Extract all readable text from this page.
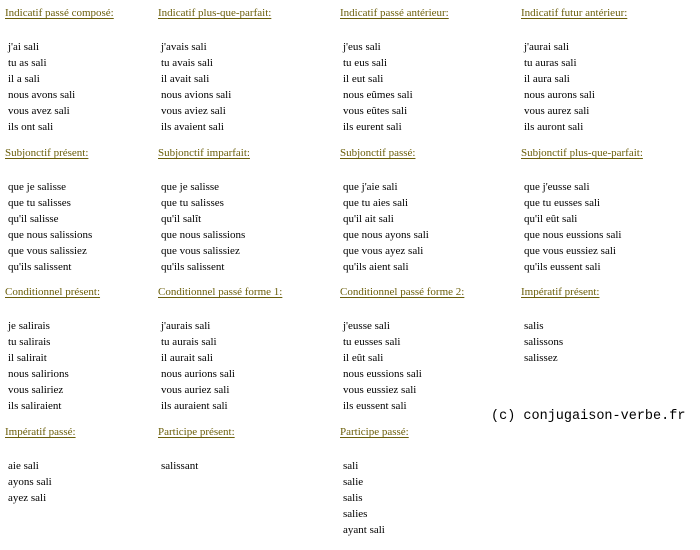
Indicatif passé composé:
j'ai sali
tu as sali
il a sali
nous avons sali
vous avez sali
ils ont sali
Indicatif plus-que-parfait:
j'avais sali
tu avais sali
il avait sali
nous avions sali
vous aviez sali
ils avaient sali
Indicatif passé antérieur:
j'eus sali
tu eus sali
il eut sali
nous eûmes sali
vous eûtes sali
ils eurent sali
Indicatif futur antérieur:
j'aurai sali
tu auras sali
il aura sali
nous aurons sali
vous aurez sali
ils auront sali
Subjonctif présent:
que je salisse
que tu salisses
qu'il salisse
que nous salissions
que vous salissiez
qu'ils salissent
Subjonctif imparfait:
que je salisse
que tu salisses
qu'il salît
que nous salissions
que vous salissiez
qu'ils salissent
Subjonctif passé:
que j'aie sali
que tu aies sali
qu'il ait sali
que nous ayons sali
que vous ayez sali
qu'ils aient sali
Subjonctif plus-que-parfait:
que j'eusse sali
que tu eusses sali
qu'il eût sali
que nous eussions sali
que vous eussiez sali
qu'ils eussent sali
Conditionnel présent:
je salirais
tu salirais
il salirait
nous salirions
vous saliriez
ils saliraient
Conditionnel passé forme 1:
j'aurais sali
tu aurais sali
il aurait sali
nous aurions sali
vous auriez sali
ils auraient sali
Conditionnel passé forme 2:
j'eusse sali
tu eusses sali
il eût sali
nous eussions sali
vous eussiez sali
ils eussent sali
Impératif présent:
salis
salissons
salissez
Impératif passé:
aie sali
ayons sali
ayez sali
Participe présent:
salissant
Participe passé:
sali
salie
salis
salies
ayant sali
(c) conjugaison-verbe.fr
